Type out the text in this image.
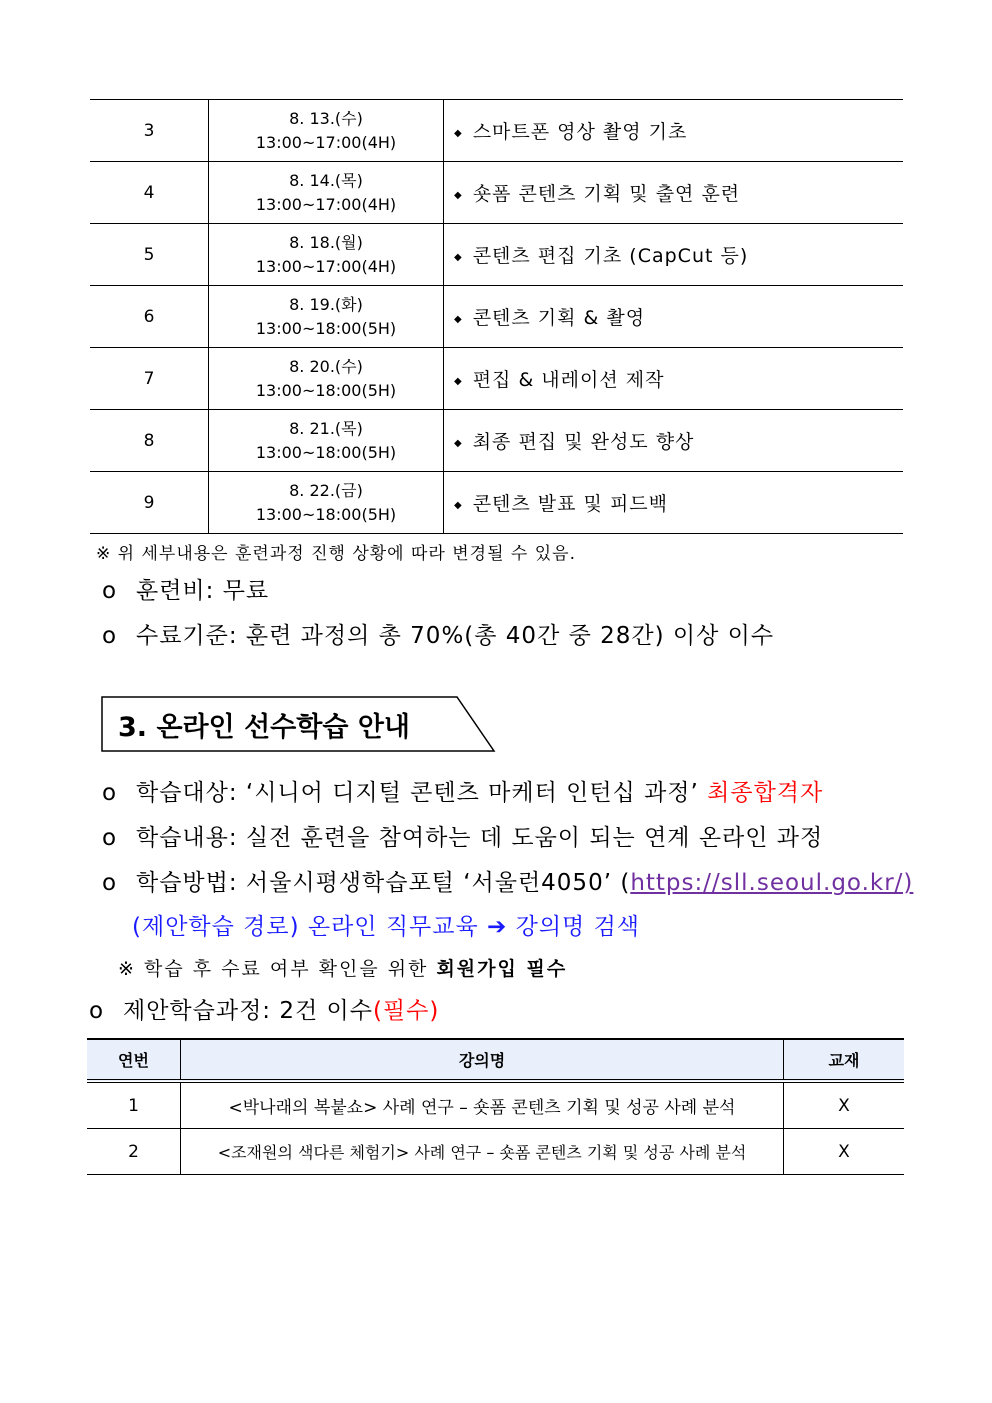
3	8. 13.(수)
13:00~17:00(4H)	◆ 스마트폰 영상 촬영 기초
4	8. 14.(목)
13:00~17:00(4H)	◆ 숏폼 콘텐츠 기획 및 출연 훈련
5	8. 18.(월)
13:00~17:00(4H)	◆ 콘텐츠 편집 기초 (CapCut 등)
6	8. 19.(화)
13:00~18:00(5H)	◆ 콘텐츠 기획 & 촬영
7	8. 20.(수)
13:00~18:00(5H)	◆ 편집 & 내레이션 제작
8	8. 21.(목)
13:00~18:00(5H)	◆ 최종 편집 및 완성도 향상
9	8. 22.(금)
13:00~18:00(5H)	◆ 콘텐츠 발표 및 피드백
※ 위 세부내용은 훈련과정 진행 상황에 따라 변경될 수 있음.
o 훈련비: 무료
o 수료기준: 훈련 과정의 총 70%(총 40간 중 28간) 이상 이수
3. 온라인 선수학습 안내
o 학습대상: ‘시니어 디지털 콘텐츠 마케터 인턴십 과정’ 최종합격자
o 학습내용: 실전 훈련을 참여하는 데 도움이 되는 연계 온라인 과정
o 학습방법: 서울시평생학습포털 ‘서울런4050’ (https://sll.seoul.go.kr/)
(제안학습 경로) 온라인 직무교육 ➔ 강의명 검색
※ 학습 후 수료 여부 확인을 위한 회원가입 필수
o 제안학습과정: 2건 이수(필수)
연번	강의명	교재
1	<박나래의 복붙쇼> 사례 연구 – 숏폼 콘텐츠 기획 및 성공 사례 분석	X
2	<조재원의 색다른 체험기> 사례 연구 – 숏폼 콘텐츠 기획 및 성공 사례 분석	X
